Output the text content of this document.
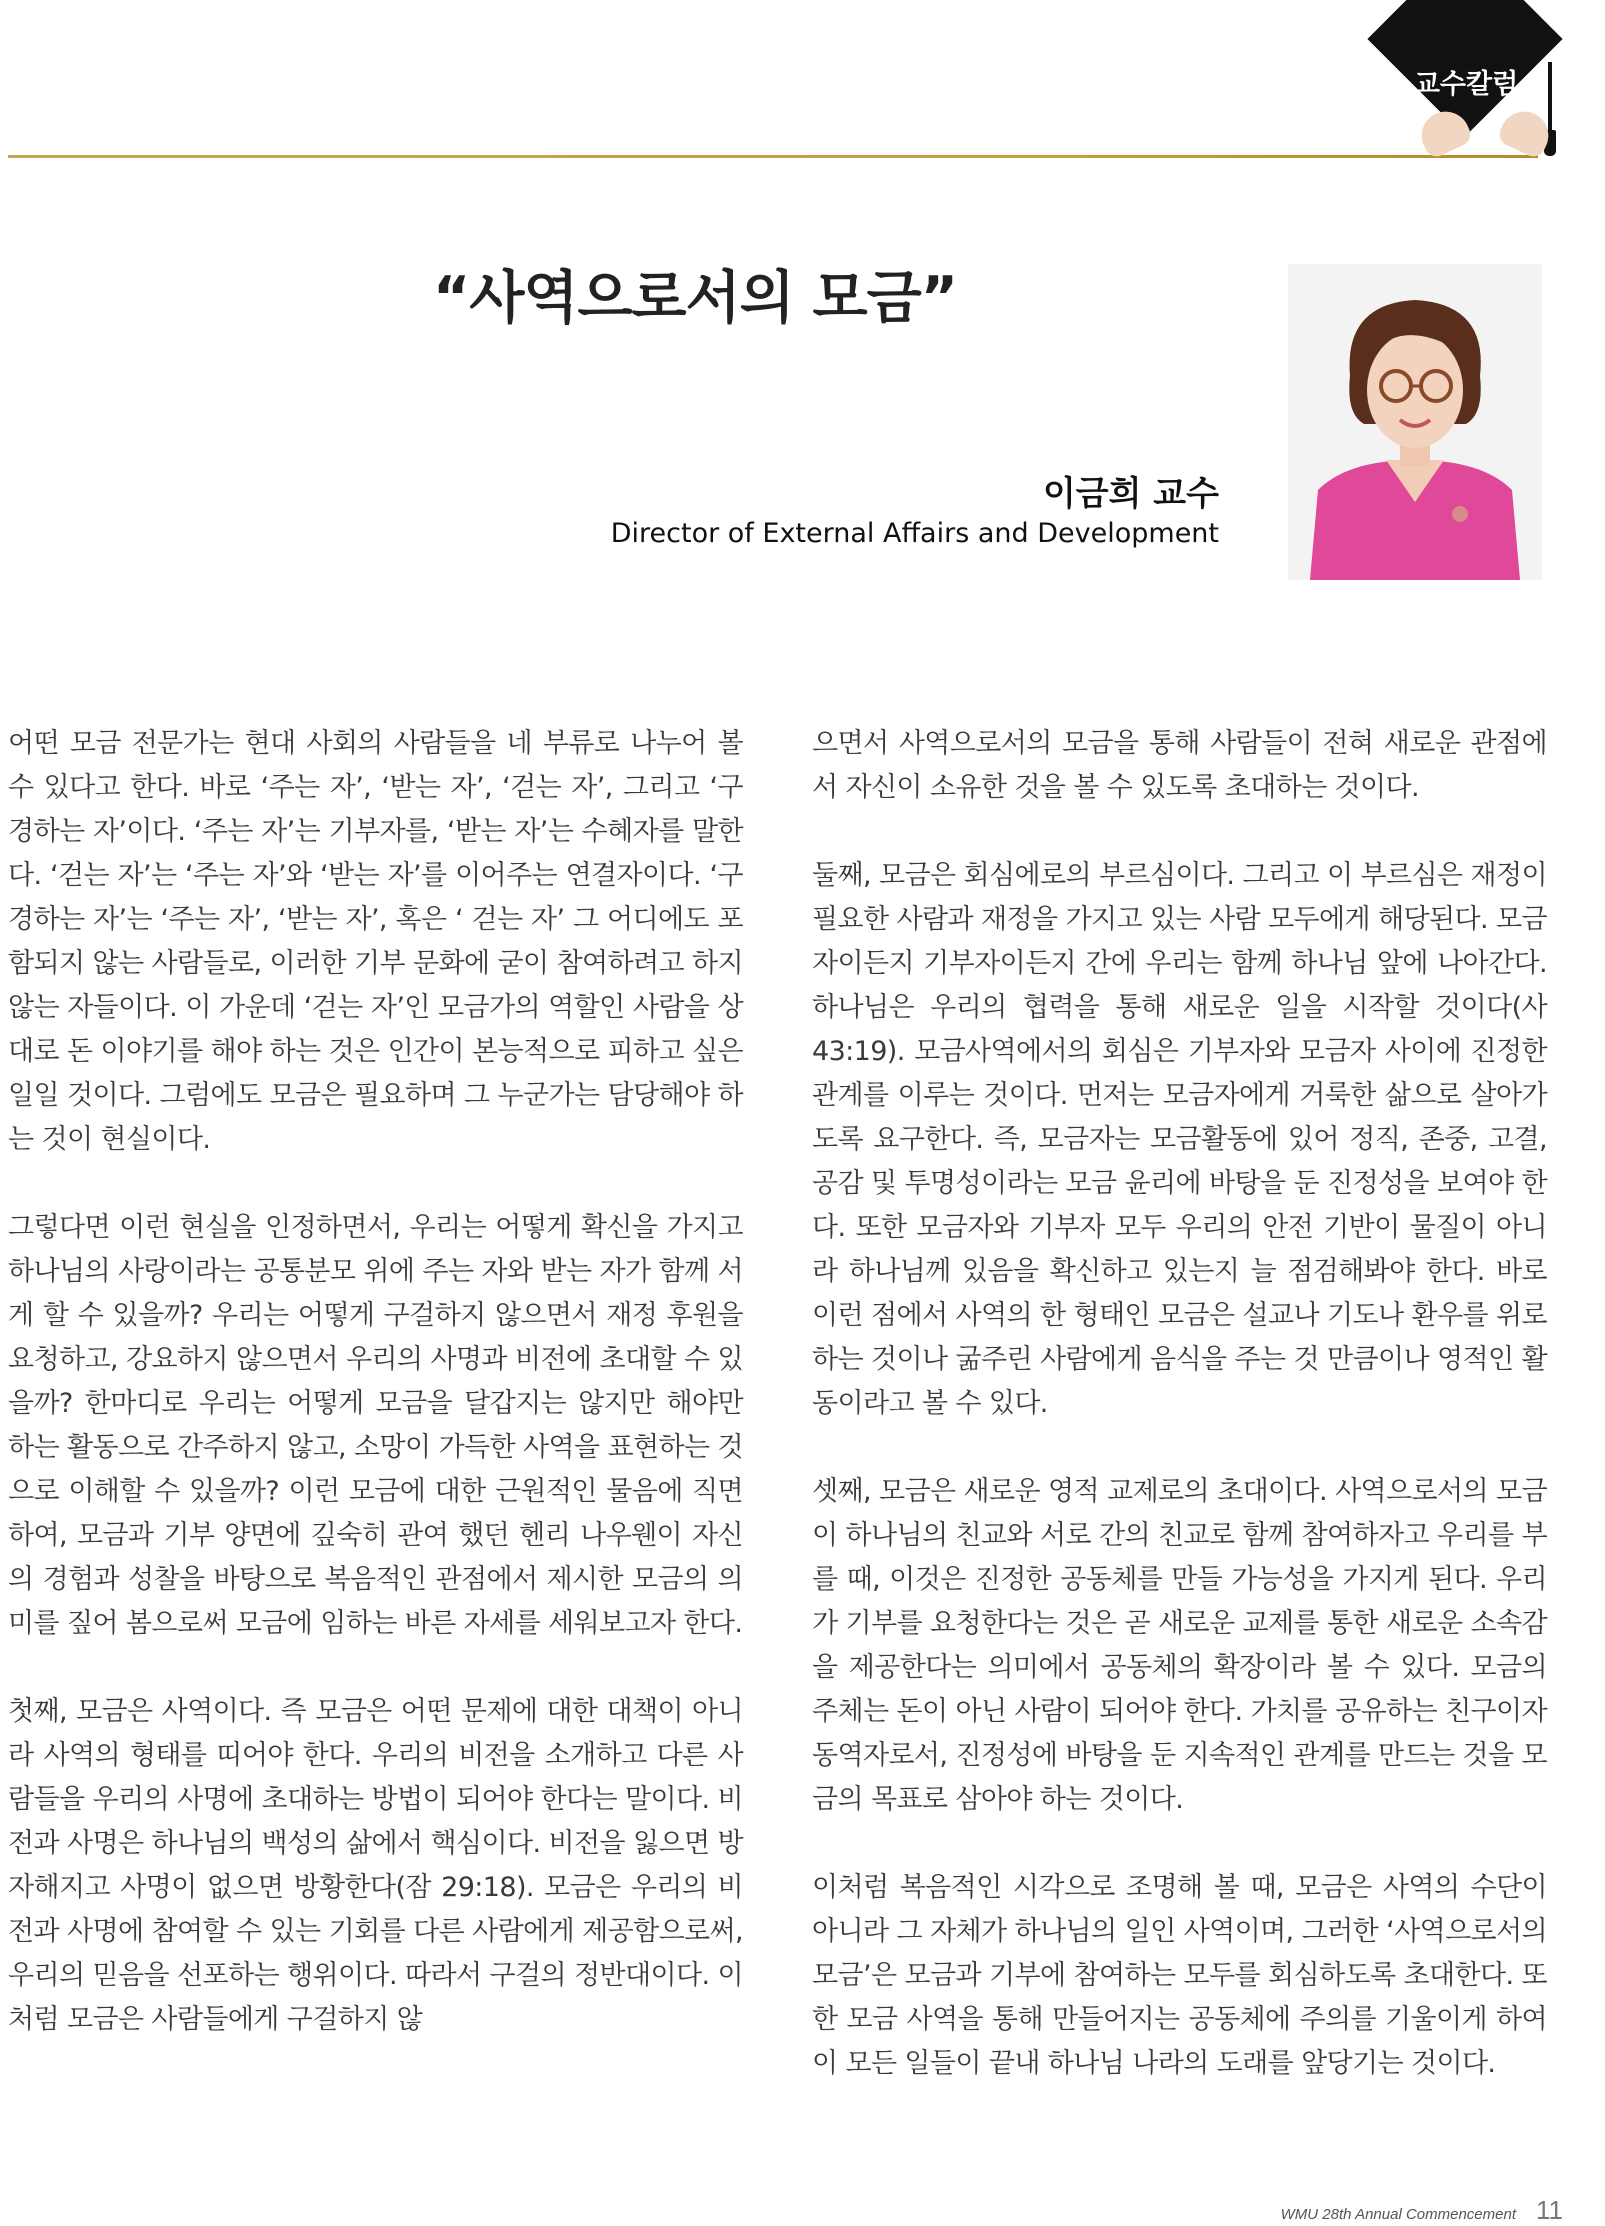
교수칼럼
“사역으로서의 모금”
이금희 교수
Director of External Affairs and Development

어떤 모금 전문가는 현대 사회의 사람들을 네 부류로 나누어 볼 수 있다고 한다. 바로 ‘주는 자’, ‘받는 자’, ‘걷는 자’, 그리고 ‘구경하는 자’이다. ‘주는 자’는 기부자를, ‘받는 자’는 수혜자를 말한다. ‘걷는 자’는 ‘주는 자’와 ‘받는 자’를 이어주는 연결자이다. ‘구경하는 자’는 ‘주는 자’, ‘받는 자’, 혹은 ‘ 걷는 자’ 그 어디에도 포함되지 않는 사람들로, 이러한 기부 문화에 굳이 참여하려고 하지 않는 자들이다. 이 가운데 ‘걷는 자’인 모금가의 역할인 사람을 상대로 돈 이야기를 해야 하는 것은 인간이 본능적으로 피하고 싶은 일일 것이다. 그럼에도 모금은 필요하며 그 누군가는 담당해야 하는 것이 현실이다.

그렇다면 이런 현실을 인정하면서, 우리는 어떻게 확신을 가지고 하나님의 사랑이라는 공통분모 위에 주는 자와 받는 자가 함께 서게 할 수 있을까? 우리는 어떻게 구걸하지 않으면서 재정 후원을 요청하고, 강요하지 않으면서 우리의 사명과 비전에 초대할 수 있을까? 한마디로 우리는 어떻게 모금을 달갑지는 않지만 해야만 하는 활동으로 간주하지 않고, 소망이 가득한 사역을 표현하는 것으로 이해할 수 있을까? 이런 모금에 대한 근원적인 물음에 직면하여, 모금과 기부 양면에 깊숙히 관여 했던 헨리 나우웬이 자신의 경험과 성찰을 바탕으로 복음적인 관점에서 제시한 모금의 의미를 짚어 봄으로써 모금에 임하는 바른 자세를 세워보고자 한다.

첫째, 모금은 사역이다. 즉 모금은 어떤 문제에 대한 대책이 아니라 사역의 형태를 띠어야 한다. 우리의 비전을 소개하고 다른 사람들을 우리의 사명에 초대하는 방법이 되어야 한다는 말이다. 비전과 사명은 하나님의 백성의 삶에서 핵심이다. 비전을 잃으면 방자해지고 사명이 없으면 방황한다(잠 29:18). 모금은 우리의 비전과 사명에 참여할 수 있는 기회를 다른 사람에게 제공함으로써, 우리의 믿음을 선포하는 행위이다. 따라서 구걸의 정반대이다. 이처럼 모금은 사람들에게 구걸하지 않

으면서 사역으로서의 모금을 통해 사람들이 전혀 새로운 관점에서 자신이 소유한 것을 볼 수 있도록 초대하는 것이다.

둘째, 모금은 회심에로의 부르심이다. 그리고 이 부르심은 재정이 필요한 사람과 재정을 가지고 있는 사람 모두에게 해당된다. 모금자이든지 기부자이든지 간에 우리는 함께 하나님 앞에 나아간다. 하나님은 우리의 협력을 통해 새로운 일을 시작할 것이다(사 43:19). 모금사역에서의 회심은 기부자와 모금자 사이에 진정한 관계를 이루는 것이다. 먼저는 모금자에게 거룩한 삶으로 살아가도록 요구한다. 즉, 모금자는 모금활동에 있어 정직, 존중, 고결, 공감 및 투명성이라는 모금 윤리에 바탕을 둔 진정성을 보여야 한다. 또한 모금자와 기부자 모두 우리의 안전 기반이 물질이 아니라 하나님께 있음을 확신하고 있는지 늘 점검해봐야 한다. 바로 이런 점에서 사역의 한 형태인 모금은 설교나 기도나 환우를 위로하는 것이나 굶주린 사람에게 음식을 주는 것 만큼이나 영적인 활동이라고 볼 수 있다.

셋째, 모금은 새로운 영적 교제로의 초대이다. 사역으로서의 모금이 하나님의 친교와 서로 간의 친교로 함께 참여하자고 우리를 부를 때, 이것은 진정한 공동체를 만들 가능성을 가지게 된다. 우리가 기부를 요청한다는 것은 곧 새로운 교제를 통한 새로운 소속감을 제공한다는 의미에서 공동체의 확장이라 볼 수 있다. 모금의 주체는 돈이 아닌 사람이 되어야 한다. 가치를 공유하는 친구이자 동역자로서, 진정성에 바탕을 둔 지속적인 관계를 만드는 것을 모금의 목표로 삼아야 하는 것이다.

이처럼 복음적인 시각으로 조명해 볼 때, 모금은 사역의 수단이 아니라 그 자체가 하나님의 일인 사역이며, 그러한 ‘사역으로서의 모금’은 모금과 기부에 참여하는 모두를 회심하도록 초대한다. 또한 모금 사역을 통해 만들어지는 공동체에 주의를 기울이게 하여 이 모든 일들이 끝내 하나님 나라의 도래를 앞당기는 것이다.

WMU 28th Annual Commencement 11
